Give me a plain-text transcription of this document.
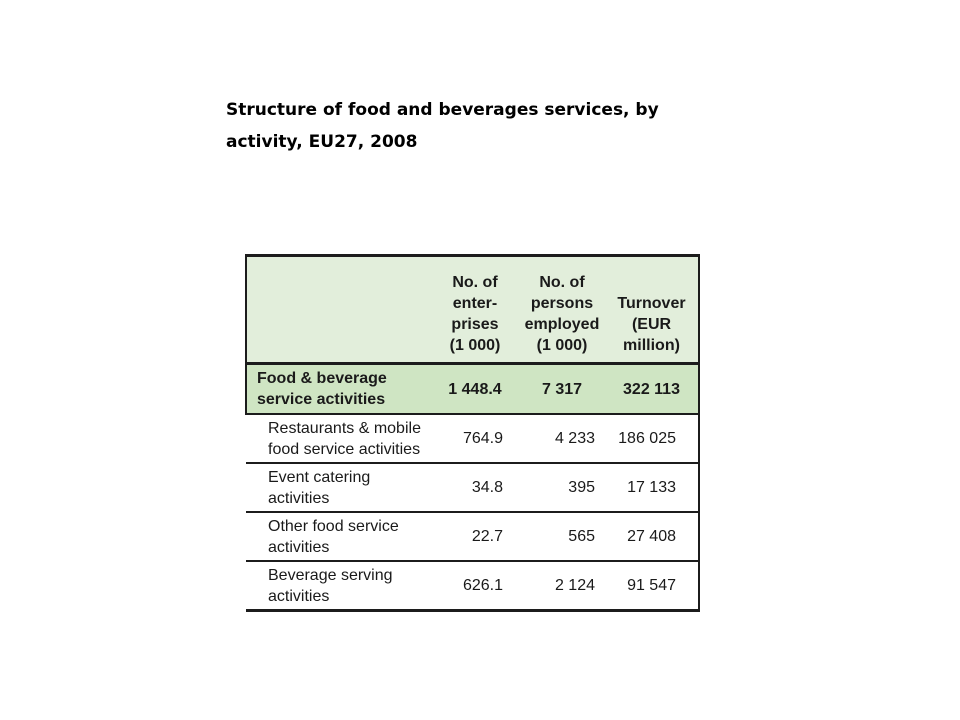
Structure of food and beverages services, by activity, EU27, 2008
	No. of
enter-
prises
(1 000)	No. of
persons
employed
(1 000)	Turnover
(EUR
million)
Food & beverage service activities	1 448.4	7 317	322 113
Restaurants & mobile food service activities	764.9	4 233	186 025
Event catering activities	34.8	395	17 133
Other food service activities	22.7	565	27 408
Beverage serving activities	626.1	2 124	91 547
